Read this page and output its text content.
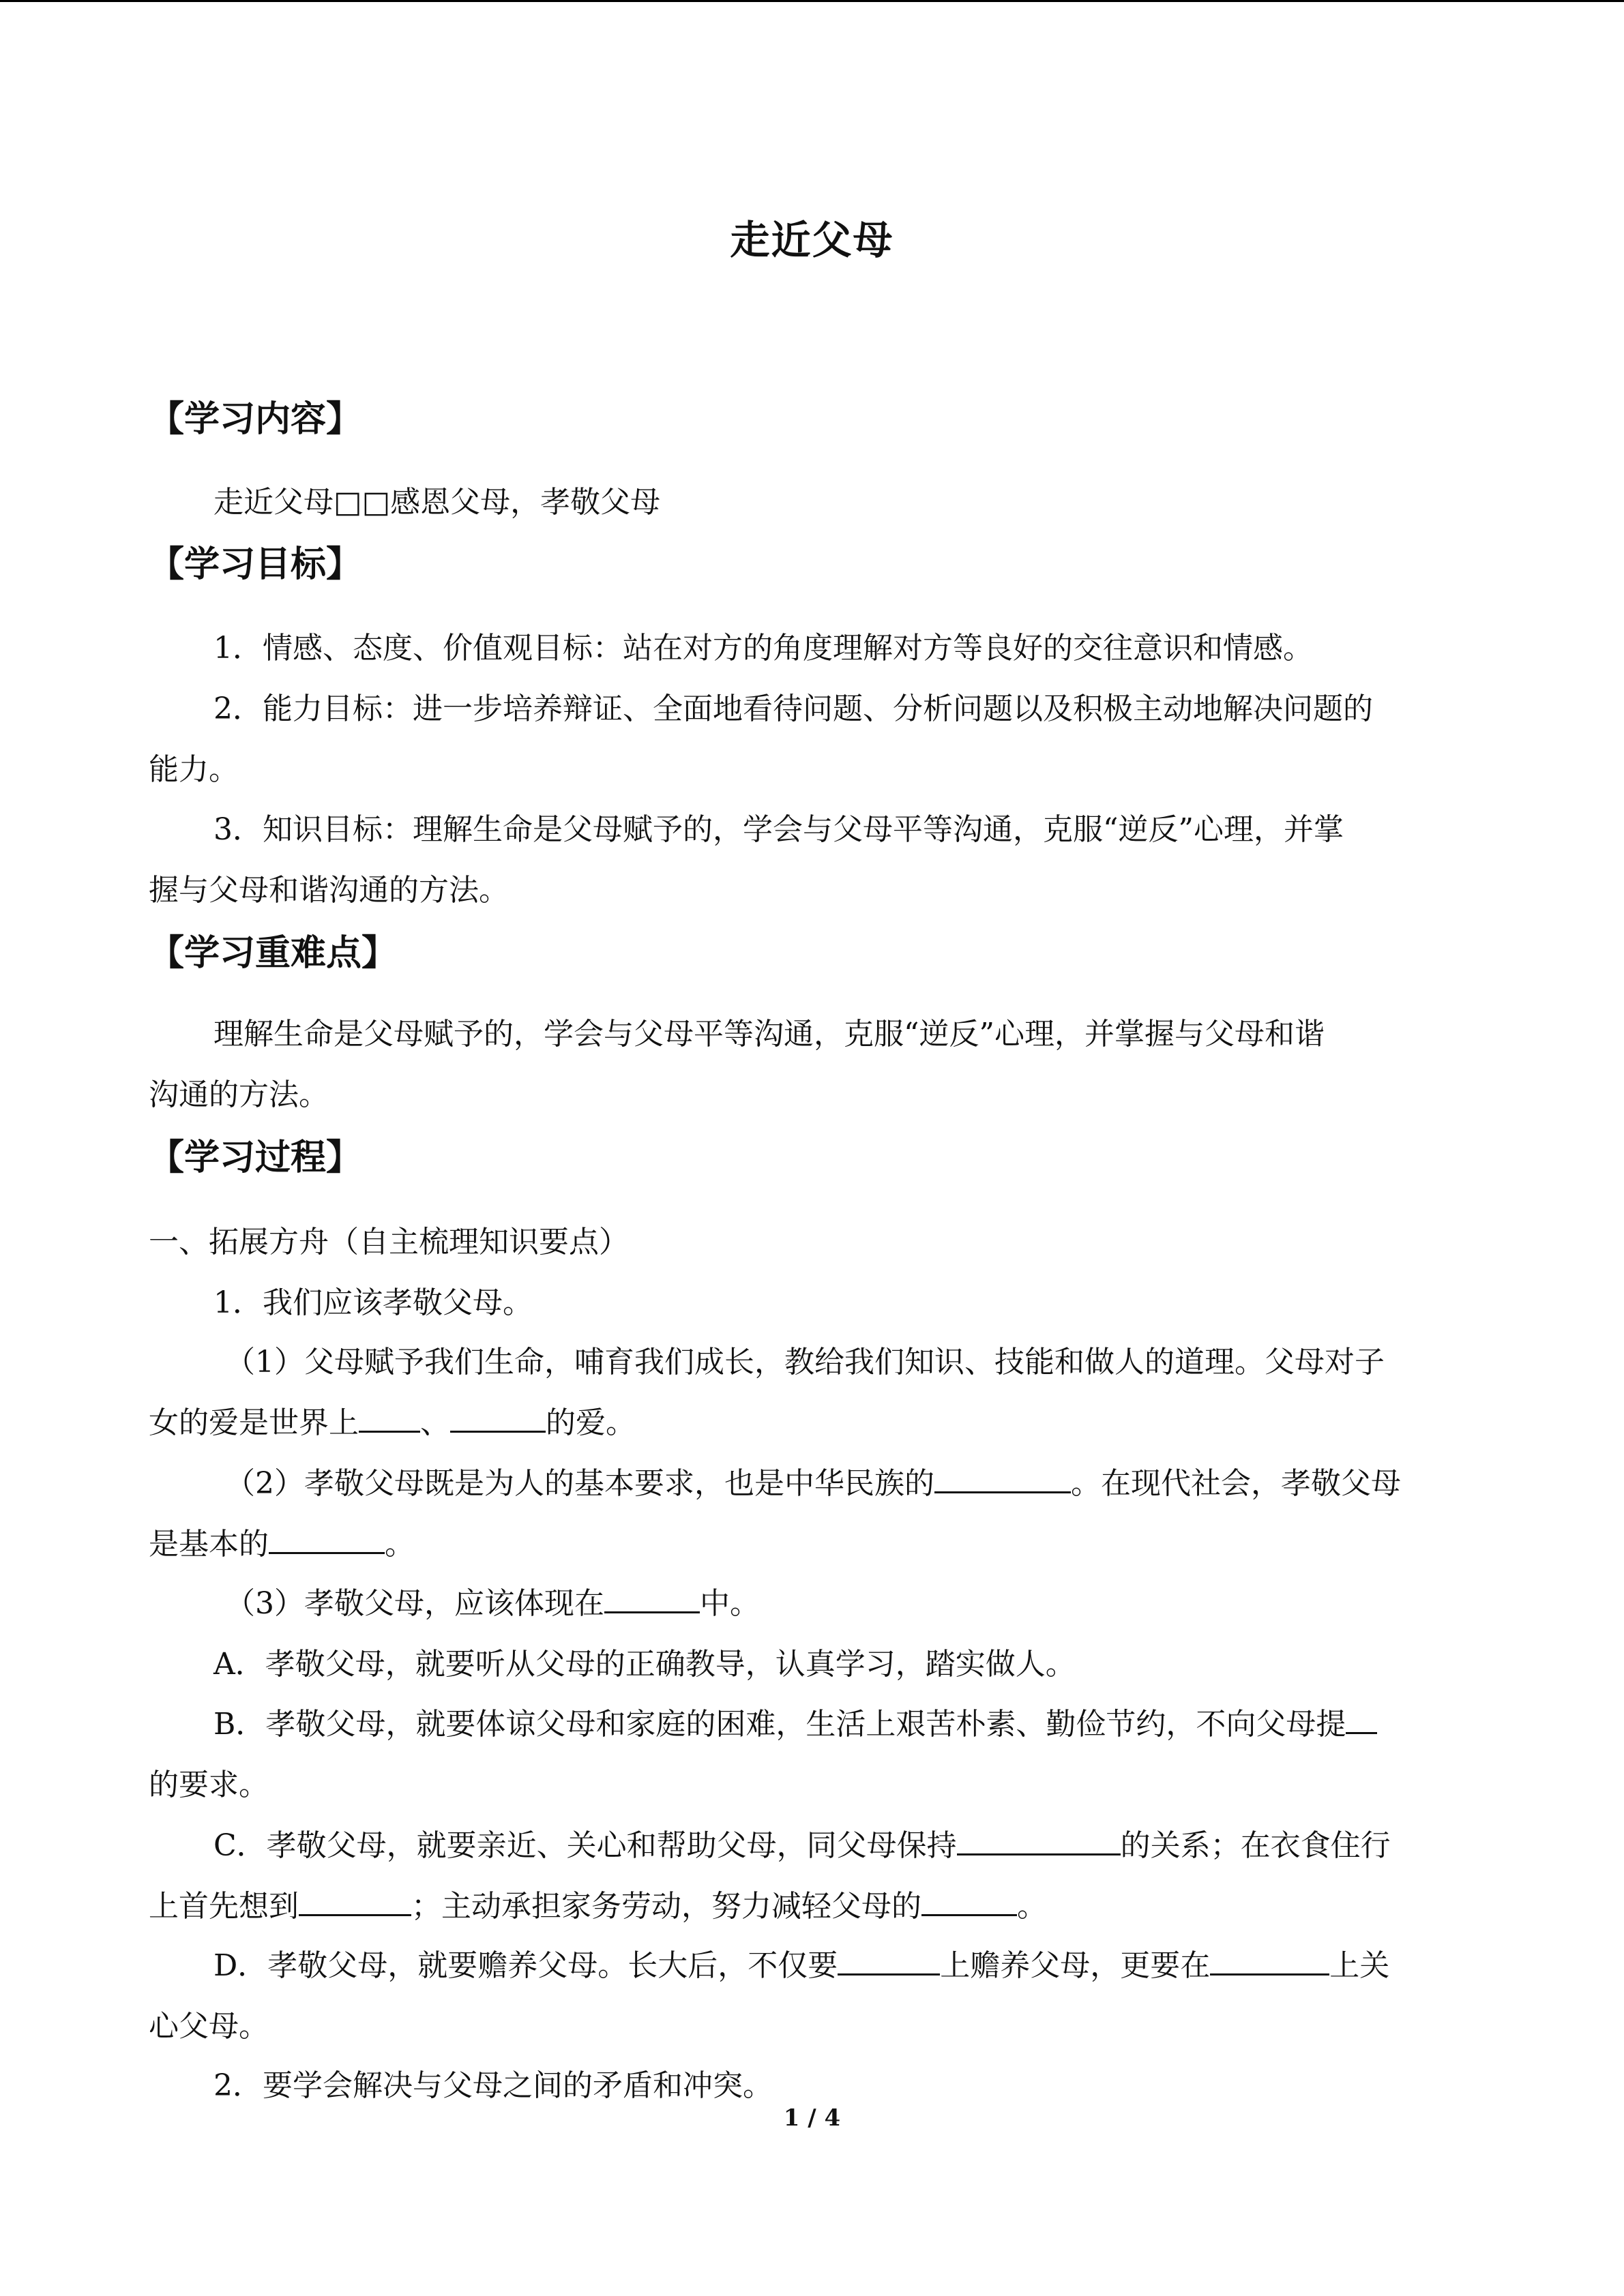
走近父母
【学习内容】
走近父母□□感恩父母，孝敬父母
【学习目标】
1．情感、态度、价值观目标：站在对方的角度理解对方等良好的交往意识和情感。
2．能力目标：进一步培养辩证、全面地看待问题、分析问题以及积极主动地解决问题的
能力。
3．知识目标：理解生命是父母赋予的，学会与父母平等沟通，克服“逆反”心理，并掌
握与父母和谐沟通的方法。
【学习重难点】
理解生命是父母赋予的，学会与父母平等沟通，克服“逆反”心理，并掌握与父母和谐
沟通的方法。
【学习过程】
一、拓展方舟（自主梳理知识要点）
1．我们应该孝敬父母。
（1）父母赋予我们生命，哺育我们成长，教给我们知识、技能和做人的道理。父母对子
女的爱是世界上 、	的爱。
（2）孝敬父母既是为人的基本要求，也是中华民族的	。在现代社会，孝敬父母
是基本的	。
（3）孝敬父母，应该体现在	中。
A．孝敬父母，就要听从父母的正确教导，认真学习，踏实做人。
B．孝敬父母，就要体谅父母和家庭的困难，生活上艰苦朴素、勤俭节约，不向父母提
的要求。
C．孝敬父母，就要亲近、关心和帮助父母，同父母保持	的关系；在衣食住行
上首先想到	；主动承担家务劳动，努力减轻父母的	。
D．孝敬父母，就要赡养父母。长大后，不仅要	上赡养父母，更要在	上关
心父母。
2．要学会解决与父母之间的矛盾和冲突。
1 / 4
